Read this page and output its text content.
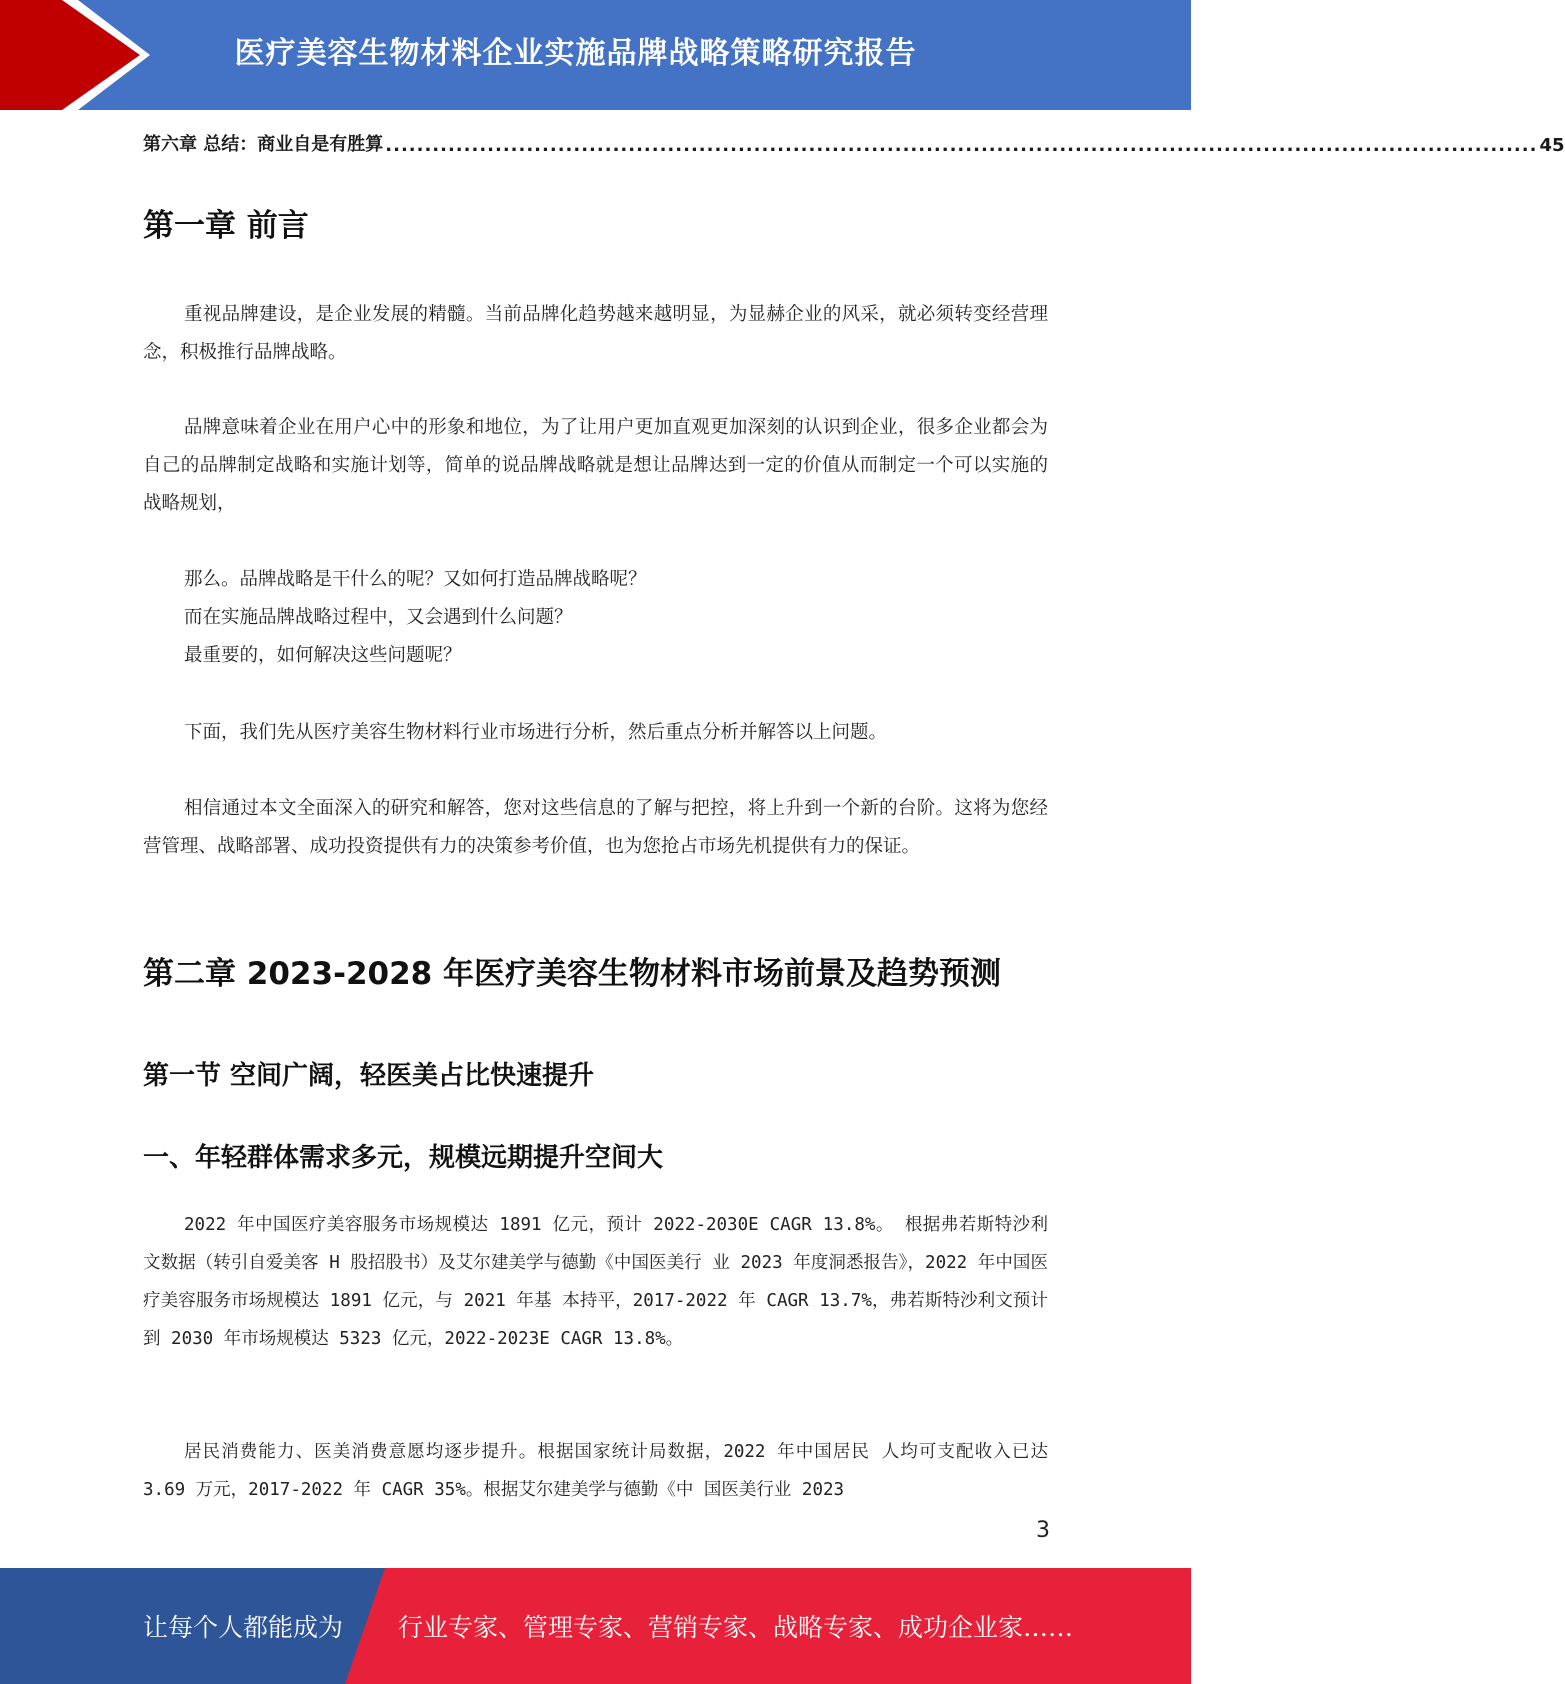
医疗美容生物材料企业实施品牌战略策略研究报告
第六章 总结：商业自是有胜算 ................................................................................................................................................... 45
第一章 前言

重视品牌建设，是企业发展的精髓。当前品牌化趋势越来越明显，为显赫企业的风采，就必须转变经营理念，积极推行品牌战略。

品牌意味着企业在用户心中的形象和地位，为了让用户更加直观更加深刻的认识到企业，很多企业都会为自己的品牌制定战略和实施计划等，简单的说品牌战略就是想让品牌达到一定的价值从而制定一个可以实施的战略规划，

那么。品牌战略是干什么的呢？又如何打造品牌战略呢？

而在实施品牌战略过程中，又会遇到什么问题？

最重要的，如何解决这些问题呢？

下面，我们先从医疗美容生物材料行业市场进行分析，然后重点分析并解答以上问题。

相信通过本文全面深入的研究和解答，您对这些信息的了解与把控，将上升到一个新的台阶。这将为您经营管理、战略部署、成功投资提供有力的决策参考价值，也为您抢占市场先机提供有力的保证。

第二章 2023-2028 年医疗美容生物材料市场前景及趋势预测
第一节 空间广阔，轻医美占比快速提升
一、年轻群体需求多元，规模远期提升空间大

2022 年中国医疗美容服务市场规模达 1891 亿元，预计 2022-2030E CAGR 13.8%。 根据弗若斯特沙利文数据（转引自爱美客 H 股招股书）及艾尔建美学与德勤《中国医美行 业 2023 年度洞悉报告》，2022 年中国医疗美容服务市场规模达 1891 亿元，与 2021 年基 本持平，2017-2022 年 CAGR 13.7%，弗若斯特沙利文预计到 2030 年市场规模达 5323 亿元，2022-2023E CAGR 13.8%。

居民消费能力、医美消费意愿均逐步提升。根据国家统计局数据，2022 年中国居民 人均可支配收入已达 3.69 万元，2017-2022 年 CAGR 35%。根据艾尔建美学与德勤《中 国医美行业 2023

3
让每个人都能成为 行业专家、管理专家、营销专家、战略专家、成功企业家……
